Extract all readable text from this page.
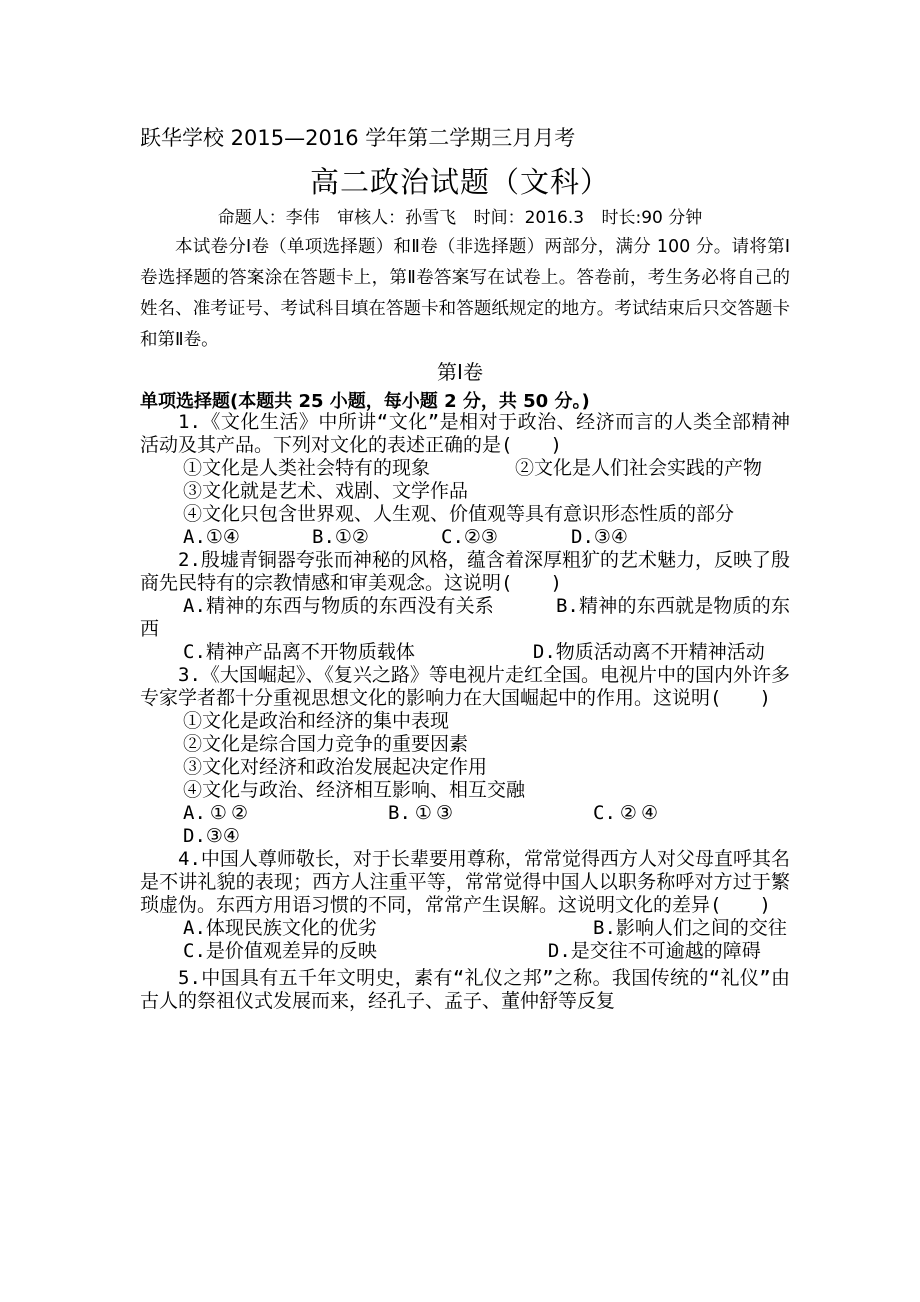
跃华学校 2015—2016 学年第二学期三月月考
高二政治试题（文科）
命题人：李伟 审核人：孙雪飞 时间：2016.3 时长:90 分钟
本试卷分Ⅰ卷（单项选择题）和Ⅱ卷（非选择题）两部分，满分 100 分。请将第Ⅰ卷选择题的答案涂在答题卡上，第Ⅱ卷答案写在试卷上。答卷前，考生务必将自己的姓名、准考证号、考试科目填在答题卡和答题纸规定的地方。考试结束后只交答题卡和第Ⅱ卷。
第Ⅰ卷
单项选择题(本题共 25 小题，每小题 2 分，共 50 分。)

1.《文化生活》中所讲“文化”是相对于政治、经济而言的人类全部精神活动及其产品。下列对文化的表述正确的是(　　)

①文化是人类社会特有的现象	②文化是人们社会实践的产物

③文化就是艺术、戏剧、文学作品

④文化只包含世界观、人生观、价值观等具有意识形态性质的部分

A.①④	B.①②	C.②③	D.③④

2.殷墟青铜器夸张而神秘的风格，蕴含着深厚粗犷的艺术魅力，反映了殷商先民特有的宗教情感和审美观念。这说明(　　)

A.精神的东西与物质的东西没有关系	B.精神的东西就是物质的东西

C.精神产品离不开物质载体	D.物质活动离不开精神活动

3.《大国崛起》、《复兴之路》等电视片走红全国。电视片中的国内外许多专家学者都十分重视思想文化的影响力在大国崛起中的作用。这说明(　　)

①文化是政治和经济的集中表现

②文化是综合国力竞争的重要因素

③文化对经济和政治发展起决定作用

④文化与政治、经济相互影响、相互交融

A.①②	B.①③	C.②④D.③④

4.中国人尊师敬长，对于长辈要用尊称，常常觉得西方人对父母直呼其名是不讲礼貌的表现；西方人注重平等，常常觉得中国人以职务称呼对方过于繁琐虚伪。东西方用语习惯的不同，常常产生误解。这说明文化的差异(　　)

A.体现民族文化的优劣	B.影响人们之间的交往

C.是价值观差异的反映	D.是交往不可逾越的障碍

5.中国具有五千年文明史，素有“礼仪之邦”之称。我国传统的“礼仪”由古人的祭祖仪式发展而来，经孔子、孟子、董仲舒等反复
